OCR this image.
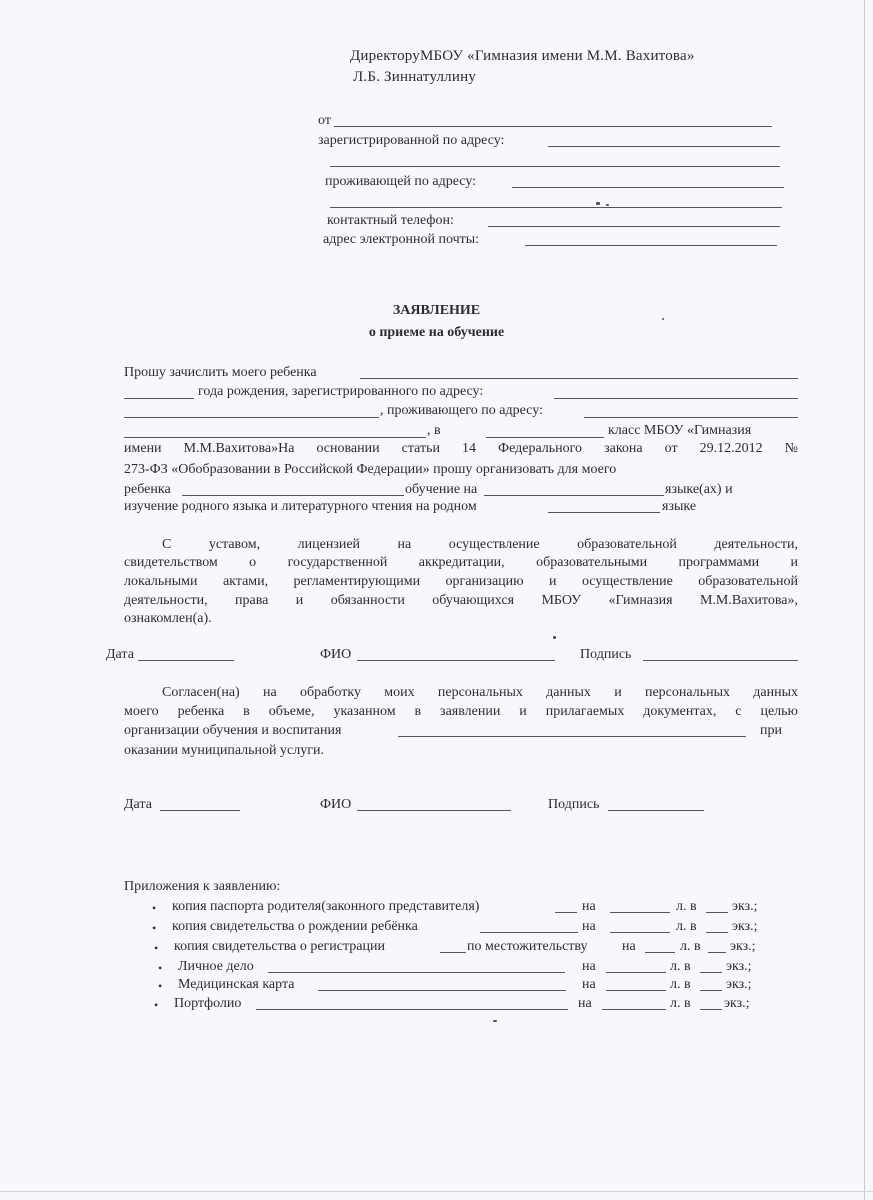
ДиректоруМБОУ «Гимназия имени М.М. Вахитова»
Л.Б. Зиннатуллину
от
зарегистрированной по адресу:
проживающей по адресу:
контактный телефон:
адрес электронной почты:
ЗАЯВЛЕНИЕ
о приеме на обучение
Прошу зачислить моего ребенка
года рождения, зарегистрированного по адресу:
, проживающего по адресу:
, в	класс МБОУ «Гимназия
имени М.М.Вахитова»На основании статьи 14 Федерального закона от 29.12.2012 №
273-ФЗ «Обобразовании в Российской Федерации» прошу организовать для моего
ребенка	обучение на	языке(ах) и
изучение родного языка и литературного чтения на родном	языке
С уставом, лицензией на осуществление образовательной деятельности,
свидетельством о государственной аккредитации, образовательными программами и
локальными актами, регламентирующими организацию и осуществление образовательной
деятельности, права и обязанности обучающихся МБОУ «Гимназия М.М.Вахитова»,
ознакомлен(а).
Дата	ФИО	Подпись
Согласен(на) на обработку моих персональных данных и персональных данных
моего ребенка в объеме, указанном в заявлении и прилагаемых документах, с целью
организации обучения и воспитания	при
оказании муниципальной услуги.
Дата	ФИО	Подпись
Приложения к заявлению:
• копия паспорта родителя(законного представителя)	на	л. в	экз.;
• копия свидетельства о рождении ребёнка	на	л. в	экз.;
• копия свидетельства о регистрации	по местожительству на	л. в экз.;
• Личное дело	на	л. в	экз.;
• Медицинская карта	на	л. в	экз.;
• Портфолио	на	л. в экз.;
